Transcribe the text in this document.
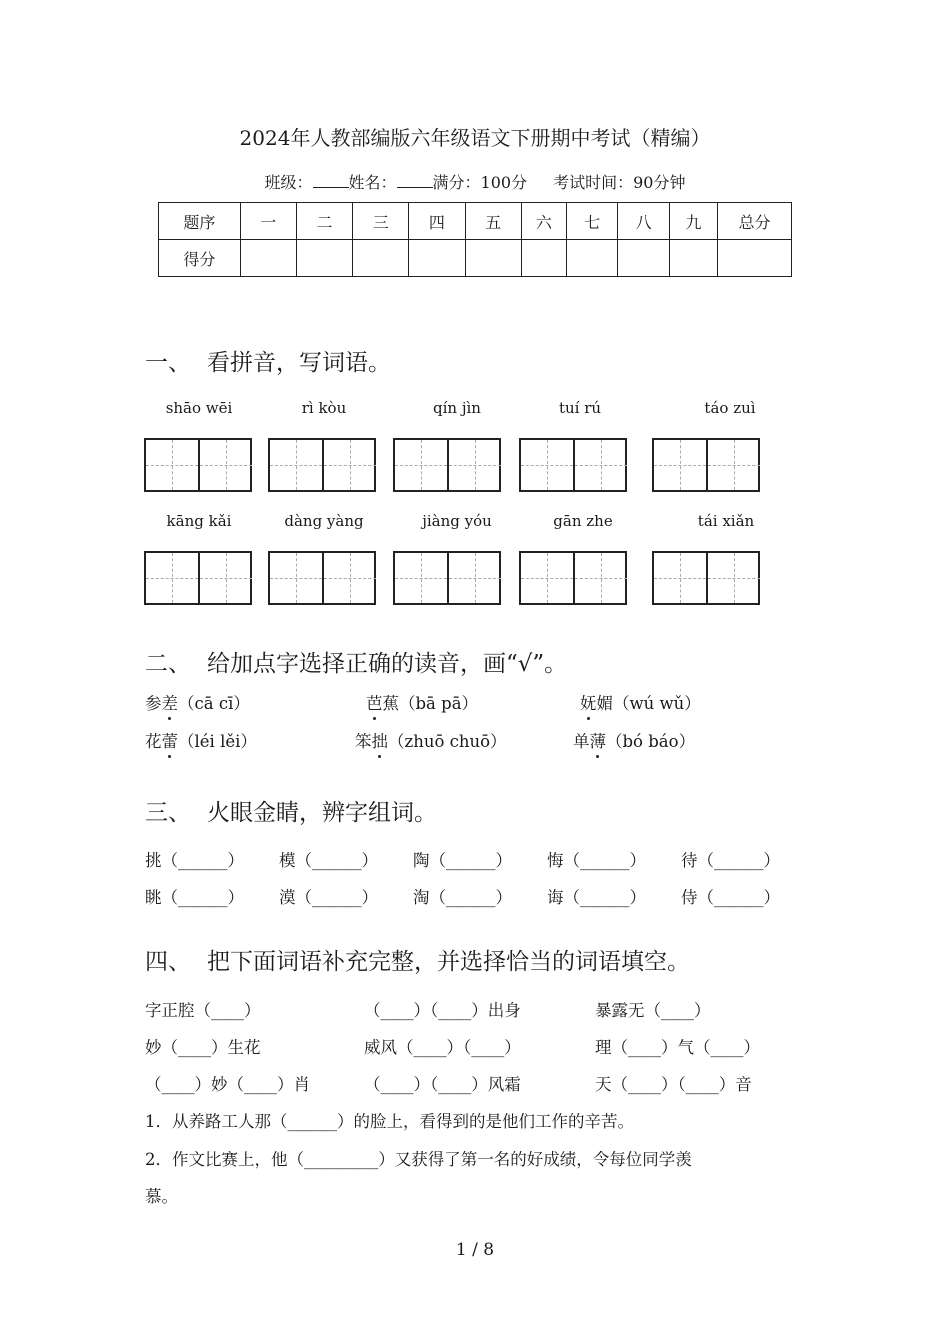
2024年人教部编版六年级语文下册期中考试（精编）
班级： 姓名： 满分：100分 考试时间：90分钟
题序	一	二	三	四	五	六	七	八	九	总分
得分										
一、 看拼音，写词语。
shāo wēi	rì kòu	qín jìn	tuí rú	táo zuì
kāng kǎi	dàng yàng	jiàng yóu	gān zhe	tái xiǎn
二、 给加点字选择正确的读音，画“√”。
参差（cā cī）	芭蕉（bā pā）	妩媚（wú wǔ）
花蕾（léi lěi）	笨拙（zhuō chuō）	单薄（bó báo）
三、 火眼金睛，辨字组词。
挑（______） 模（______） 陶（______） 悔（______） 待（______）
眺（______） 漠（______） 淘（______） 诲（______） 侍（______）
四、 把下面词语补充完整，并选择恰当的词语填空。
字正腔（____）	（____）（____）出身	暴露无（____）
妙（____）生花	威风（____）（____）	理（____）气（____）
（____）妙（____）肖	（____）（____）风霜	天（____）（____）音
1．从养路工人那（______）的脸上，看得到的是他们工作的辛苦。
2．作文比赛上，他（_________）又获得了第一名的好成绩，令每位同学羡
慕。
1 / 8
